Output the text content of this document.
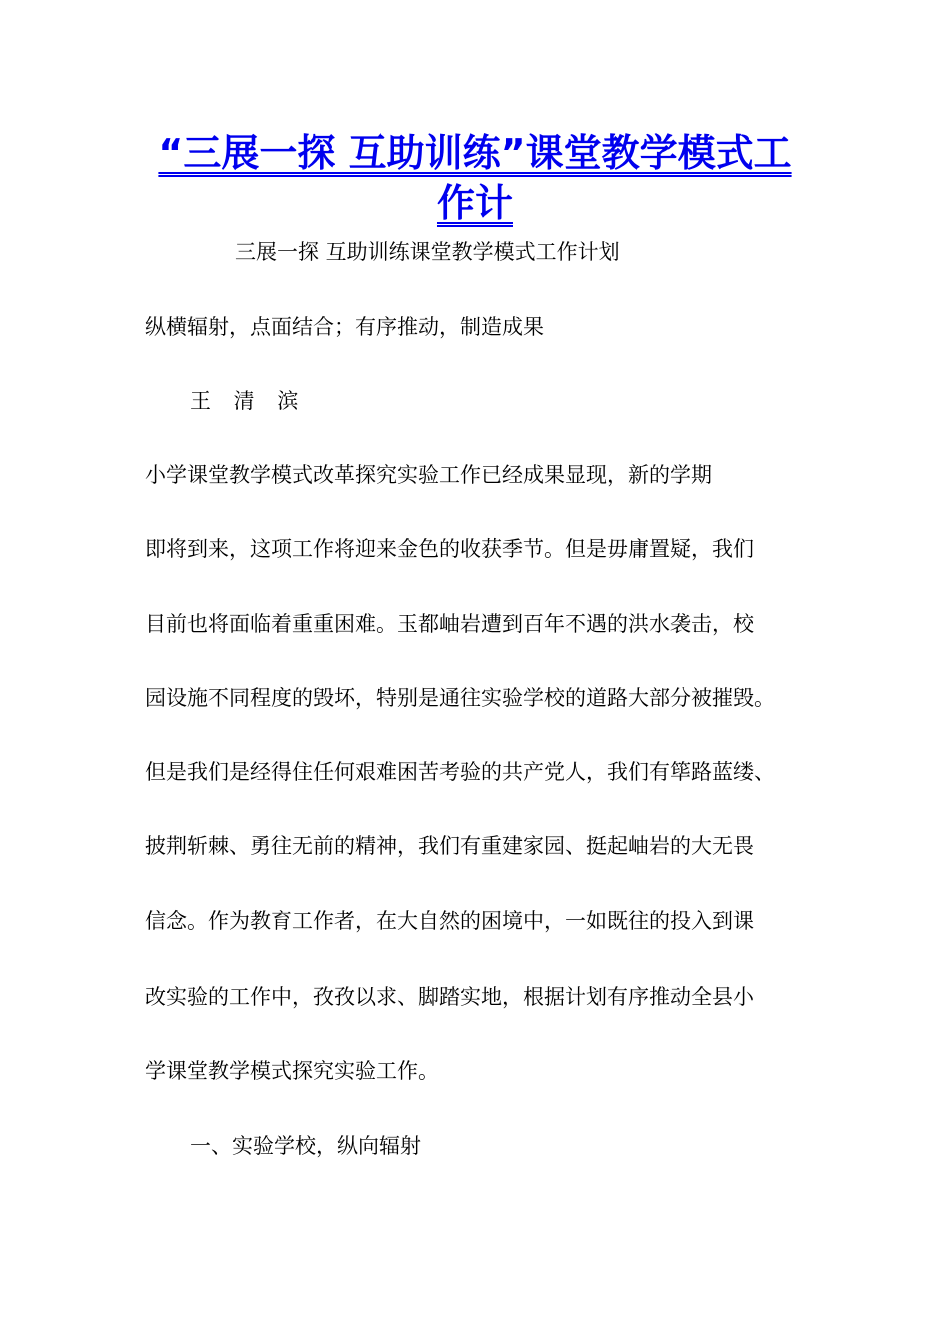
“三展一探 互助训练”课堂教学模式工作计

三展一探 互助训练课堂教学模式工作计划

纵横辐射，点面结合；有序推动，制造成果

王 清 滨

小学课堂教学模式改革探究实验工作已经成果显现，新的学期

即将到来，这项工作将迎来金色的收获季节。但是毋庸置疑，我们

目前也将面临着重重困难。玉都岫岩遭到百年不遇的洪水袭击，校

园设施不同程度的毁坏，特别是通往实验学校的道路大部分被摧毁。

但是我们是经得住任何艰难困苦考验的共产党人，我们有筚路蓝缕、

披荆斩棘、勇往无前的精神，我们有重建家园、挺起岫岩的大无畏

信念。作为教育工作者，在大自然的困境中，一如既往的投入到课

改实验的工作中，孜孜以求、脚踏实地，根据计划有序推动全县小

学课堂教学模式探究实验工作。

一、实验学校，纵向辐射
